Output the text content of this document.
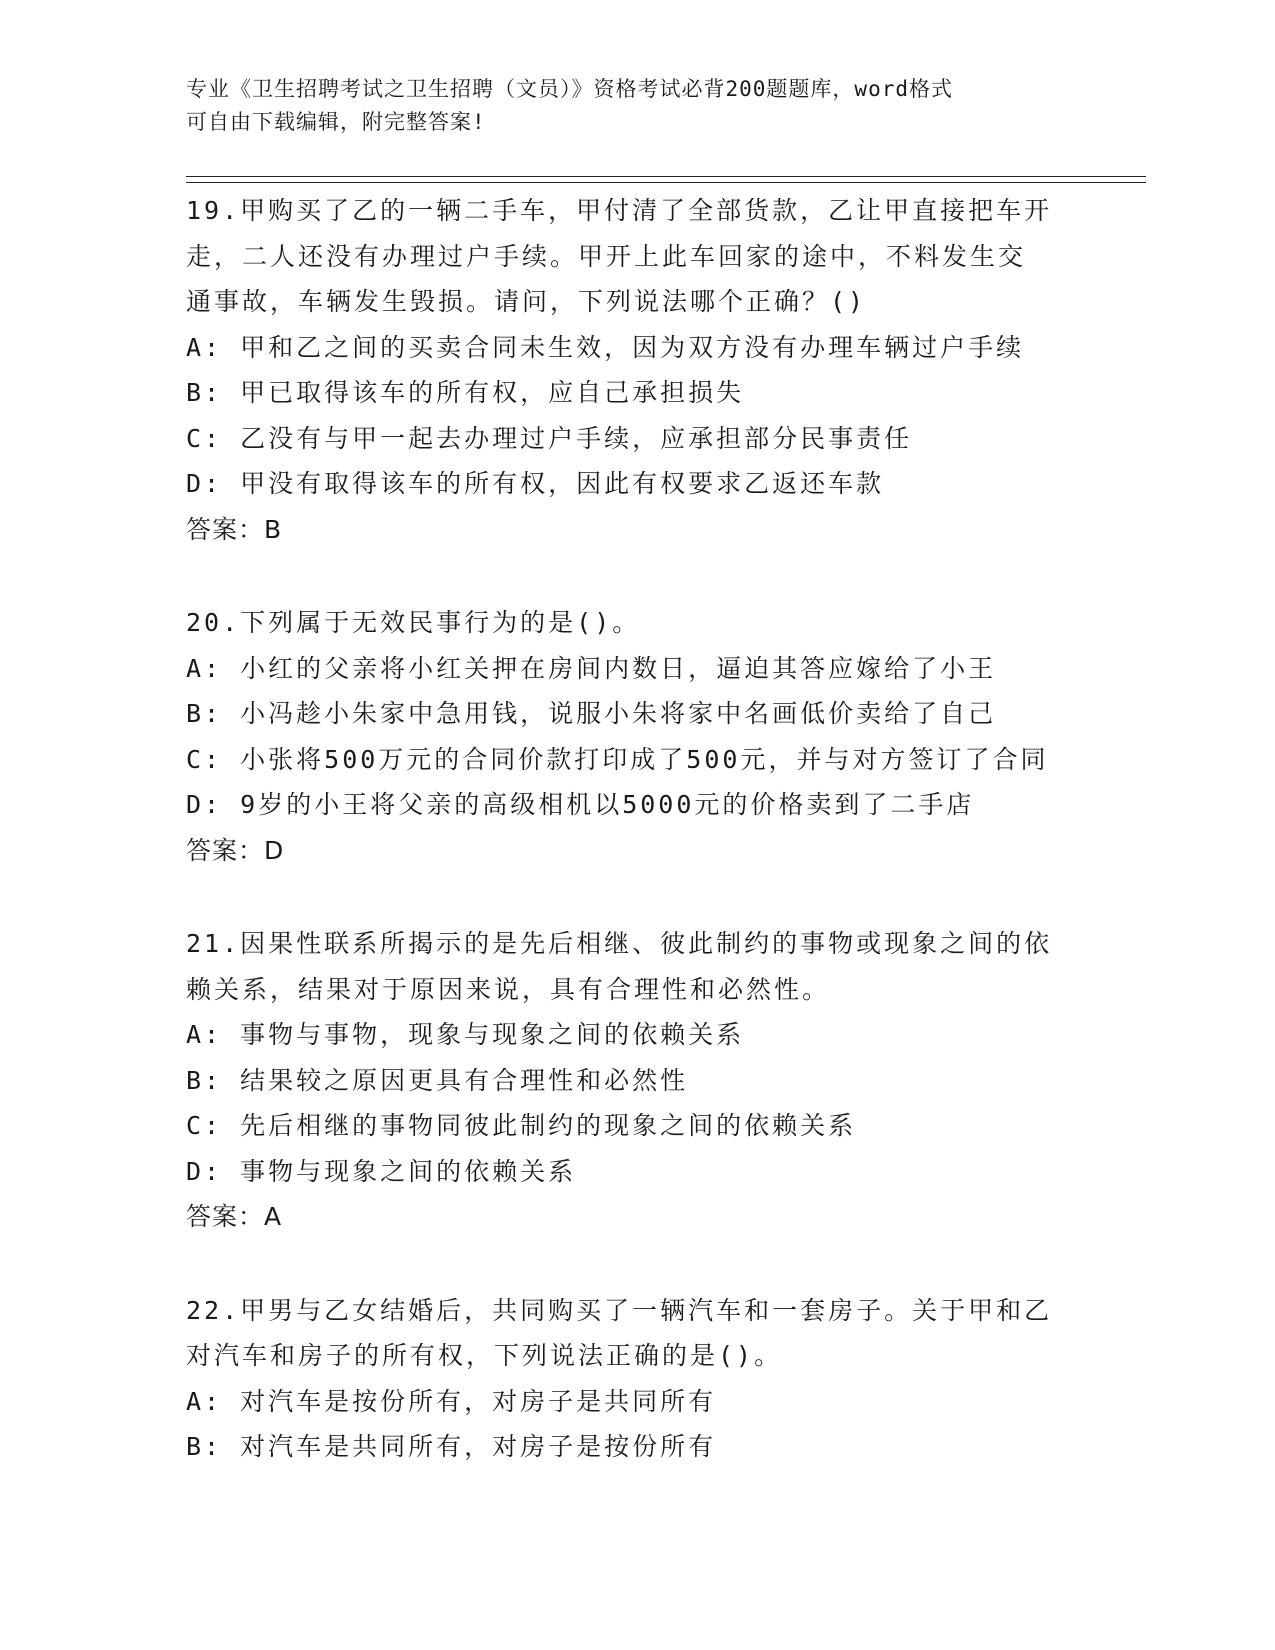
专业《卫生招聘考试之卫生招聘（文员）》资格考试必背200题题库，word格式
可自由下载编辑，附完整答案!
19.甲购买了乙的一辆二手车，甲付清了全部货款，乙让甲直接把车开
走，二人还没有办理过户手续。甲开上此车回家的途中，不料发生交
通事故，车辆发生毁损。请问，下列说法哪个正确？()
A: 甲和乙之间的买卖合同未生效，因为双方没有办理车辆过户手续
B: 甲已取得该车的所有权，应自己承担损失
C: 乙没有与甲一起去办理过户手续，应承担部分民事责任
D: 甲没有取得该车的所有权，因此有权要求乙返还车款
答案：B
20.下列属于无效民事行为的是()。
A: 小红的父亲将小红关押在房间内数日，逼迫其答应嫁给了小王
B: 小冯趁小朱家中急用钱，说服小朱将家中名画低价卖给了自己
C: 小张将500万元的合同价款打印成了500元，并与对方签订了合同
D: 9岁的小王将父亲的高级相机以5000元的价格卖到了二手店
答案：D
21.因果性联系所揭示的是先后相继、彼此制约的事物或现象之间的依
赖关系，结果对于原因来说，具有合理性和必然性。
A: 事物与事物，现象与现象之间的依赖关系
B: 结果较之原因更具有合理性和必然性
C: 先后相继的事物同彼此制约的现象之间的依赖关系
D: 事物与现象之间的依赖关系
答案：A
22.甲男与乙女结婚后，共同购买了一辆汽车和一套房子。关于甲和乙
对汽车和房子的所有权，下列说法正确的是()。
A: 对汽车是按份所有，对房子是共同所有
B: 对汽车是共同所有，对房子是按份所有
